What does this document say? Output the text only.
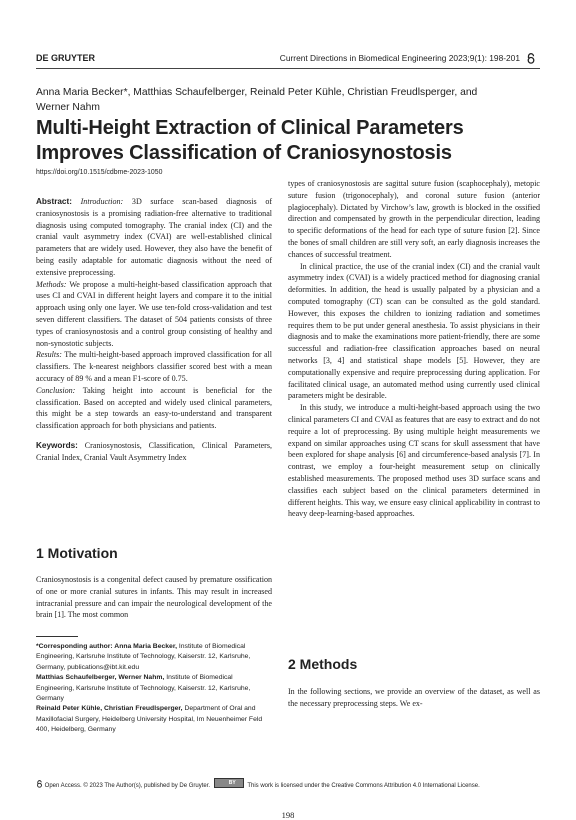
DE GRUYTER	Current Directions in Biomedical Engineering 2023;9(1): 198-201
Anna Maria Becker*, Matthias Schaufelberger, Reinald Peter Kühle, Christian Freudlsperger, and Werner Nahm
Multi-Height Extraction of Clinical Parameters Improves Classification of Craniosynostosis
https://doi.org/10.1515/cdbme-2023-1050

Abstract: Introduction: 3D surface scan-based diagnosis of craniosynostosis is a promising radiation-free alternative to traditional diagnosis using computed tomography. The cranial index (CI) and the cranial vault asymmetry index (CVAI) are well-established clinical parameters that are widely used. However, they also have the benefit of being easily adaptable for automatic diagnosis without the need of extensive preprocessing.

Methods: We propose a multi-height-based classification approach that uses CI and CVAI in different height layers and compare it to the initial approach using only one layer. We use ten-fold cross-validation and test seven different classifiers. The dataset of 504 patients consists of three types of craniosynostosis and a control group consisting of healthy and non-synostotic subjects.

Results: The multi-height-based approach improved classification for all classifiers. The k-nearest neighbors classifier scored best with a mean accuracy of 89 % and a mean F1-score of 0.75.

Conclusion: Taking height into account is beneficial for the classification. Based on accepted and widely used clinical parameters, this might be a step towards an easy-to-understand and transparent classification approach for both physicians and patients.

Keywords: Craniosynostosis, Classification, Clinical Parameters, Cranial Index, Cranial Vault Asymmetry Index

1 Motivation

Craniosynostosis is a congenital defect caused by premature ossification of one or more cranial sutures in infants. This may result in increased intracranial pressure and can impair the neurological development of the brain [1]. The most common

*Corresponding author: Anna Maria Becker, Institute of Biomedical Engineering, Karlsruhe Institute of Technology, Kaiserstr. 12, Karlsruhe, Germany, publications@ibt.kit.edu

Matthias Schaufelberger, Werner Nahm, Institute of Biomedical Engineering, Karlsruhe Institute of Technology, Kaiserstr. 12, Karlsruhe, Germany

Reinald Peter Kühle, Christian Freudlsperger, Department of Oral and Maxillofacial Surgery, Heidelberg University Hospital, Im Neuenheimer Feld 400, Heidelberg, Germany

types of craniosynostosis are sagittal suture fusion (scaphocephaly), metopic suture fusion (trigonocephaly), and coronal suture fusion (anterior plagiocephaly). Dictated by Virchow’s law, growth is blocked in the ossified direction and compensated by growth in the perpendicular direction, leading to specific deformations of the head for each type of suture fusion [2]. Since the bones of small children are still very soft, an early diagnosis increases the chances of successful treatment.

In clinical practice, the use of the cranial index (CI) and the cranial vault asymmetry index (CVAI) is a widely practiced method for diagnosing cranial deformities. In addition, the head is usually palpated by a physician and a computed tomography (CT) scan can be consulted as the gold standard. However, this exposes the children to ionizing radiation and sometimes requires them to be put under general anesthesia. To assist physicians in their diagnosis and to make the examinations more patient-friendly, there are some successful and radiation-free classification approaches based on neural networks [3, 4] and statistical shape models [5]. However, they are computationally expensive and require preprocessing during application. For facilitated clinical usage, an automated method using currently used clinical parameters might be desirable.

In this study, we introduce a multi-height-based approach using the two clinical parameters CI and CVAI as features that are easy to extract and do not require a lot of preprocessing. By using multiple height measurements we expand on similar approaches using CT scans for skull assessment that have been explored for shape analysis [6] and circumference-based analysis [7]. In contrast, we employ a four-height measurement setup on clinically established measurements. The proposed method uses 3D surface scans and classifies each subject based on the clinical parameters determined in different heights. This way, we ensure easy clinical applicability in contrast to heavy deep-learning-based approaches.

2 Methods

In the following sections, we provide an overview of the dataset, as well as the necessary preprocessing steps. We ex-

Open Access. © 2023 The Author(s), published by De Gruyter.	BY This work is licensed under the Creative Commons Attribution 4.0 International License.
198
